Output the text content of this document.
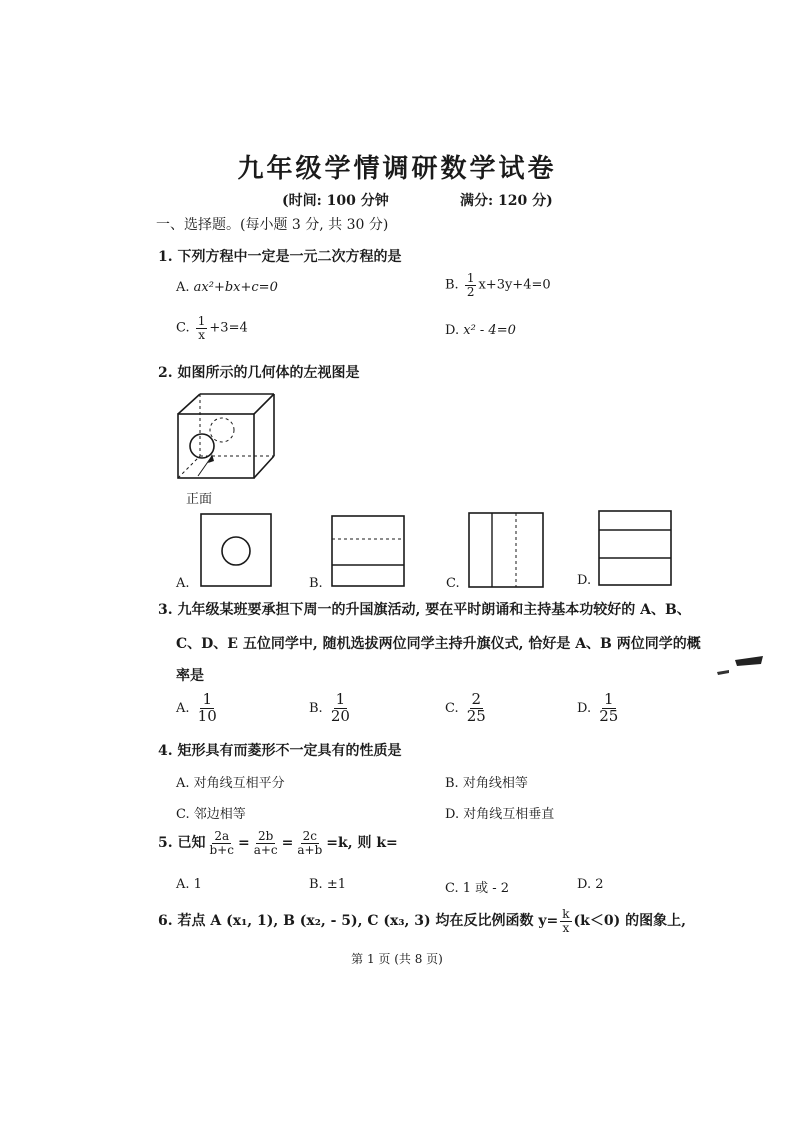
九年级学情调研数学试卷
(时间: 100 分钟	满分: 120 分)
一、选择题。(每小题 3 分, 共 30 分)
1. 下列方程中一定是一元二次方程的是
A. ax²+bx+c=0	B. $\frac{1}{2} x+3y+4=0$
C. $\frac{1}{x} +3=4$	D. x² - 4=0
2. 如图所示的几何体的左视图是
正面
A.	B.	C.	D.
3. 九年级某班要承担下周一的升国旗活动, 要在平时朗诵和主持基本功较好的 A、B、
C、D、E 五位同学中, 随机选拔两位同学主持升旗仪式, 恰好是 A、B 两位同学的概
率是
A. $\frac{1}{10}$	B. $\frac{1}{20}$	C. $\frac{2}{25}$	D. $\frac{1}{25}$
4. 矩形具有而菱形不一定具有的性质是
A. 对角线互相平分	B. 对角线相等
C. 邻边相等	D. 对角线互相垂直
5. 已知 $\frac{2a}{b+c} = \frac{2b}{a+c} = \frac{2c}{a+b} =k$, 则 k=
A. 1	B. ±1	C. 1 或 - 2	D. 2
6. 若点 A (x₁, 1), B (x₂, - 5), C (x₃, 3) 均在反比例函数 $y= \frac{k}{x} (k<0)$ 的图象上,
第 1 页 (共 8 页)
